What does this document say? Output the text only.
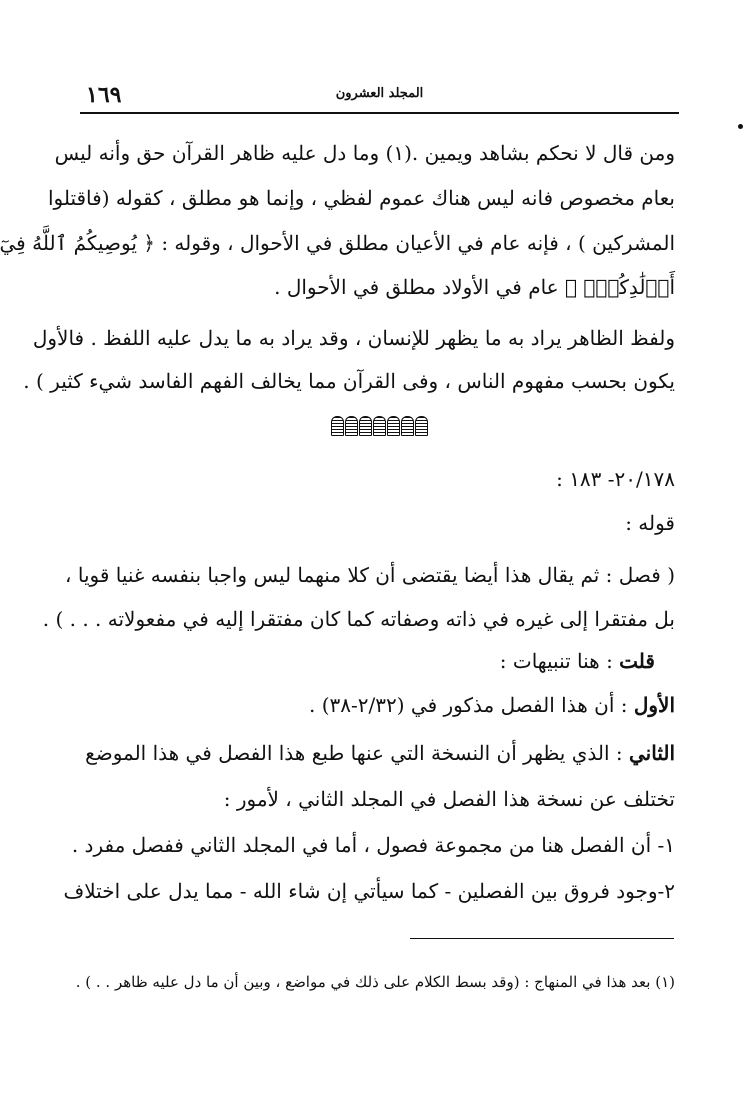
المجلد العشرون
١٦٩
ومن قال لا نحكم بشاهد ويمين .(١) وما دل عليه ظاهر القرآن حق وأنه ليس
بعام مخصوص فانه ليس هناك عموم لفظي ، وإنما هو مطلق ، كقوله (فاقتلوا
المشركين ) ، فإنه عام في الأعيان مطلق في الأحوال ، وقوله : ﴿ يُوصِيكُمُ ٱللَّهُ فِيٓ
أَوۡلَٰدِكُمۡۖ ﴾ عام في الأولاد مطلق في الأحوال .
ولفظ الظاهر يراد به ما يظهر للإنسان ، وقد يراد به ما يدل عليه اللفظ . فالأول
يكون بحسب مفهوم الناس ، وفى القرآن مما يخالف الفهم الفاسد شيء كثير ) .
٢٠/١٧٨- ١٨٣ :
قوله :
( فصل : ثم يقال هذا أيضا يقتضى أن كلا منهما ليس واجبا بنفسه غنيا قويا ،
بل مفتقرا إلى غيره في ذاته وصفاته كما كان مفتقرا إليه في مفعولاته . . . ) .
قلت : هنا تنبيهات :
الأول : أن هذا الفصل مذكور في (٢/٣٢-٣٨) .
الثاني : الذي يظهر أن النسخة التي عنها طبع هذا الفصل في هذا الموضع
تختلف عن نسخة هذا الفصل في المجلد الثاني ، لأمور :
١- أن الفصل هنا من مجموعة فصول ، أما في المجلد الثاني ففصل مفرد .
٢-وجود فروق بين الفصلين - كما سيأتي إن شاء الله - مما يدل على اختلاف
(١) بعد هذا في المنهاج : (وقد بسط الكلام على ذلك في مواضع ، وبين أن ما دل عليه ظاهر . . ) .
